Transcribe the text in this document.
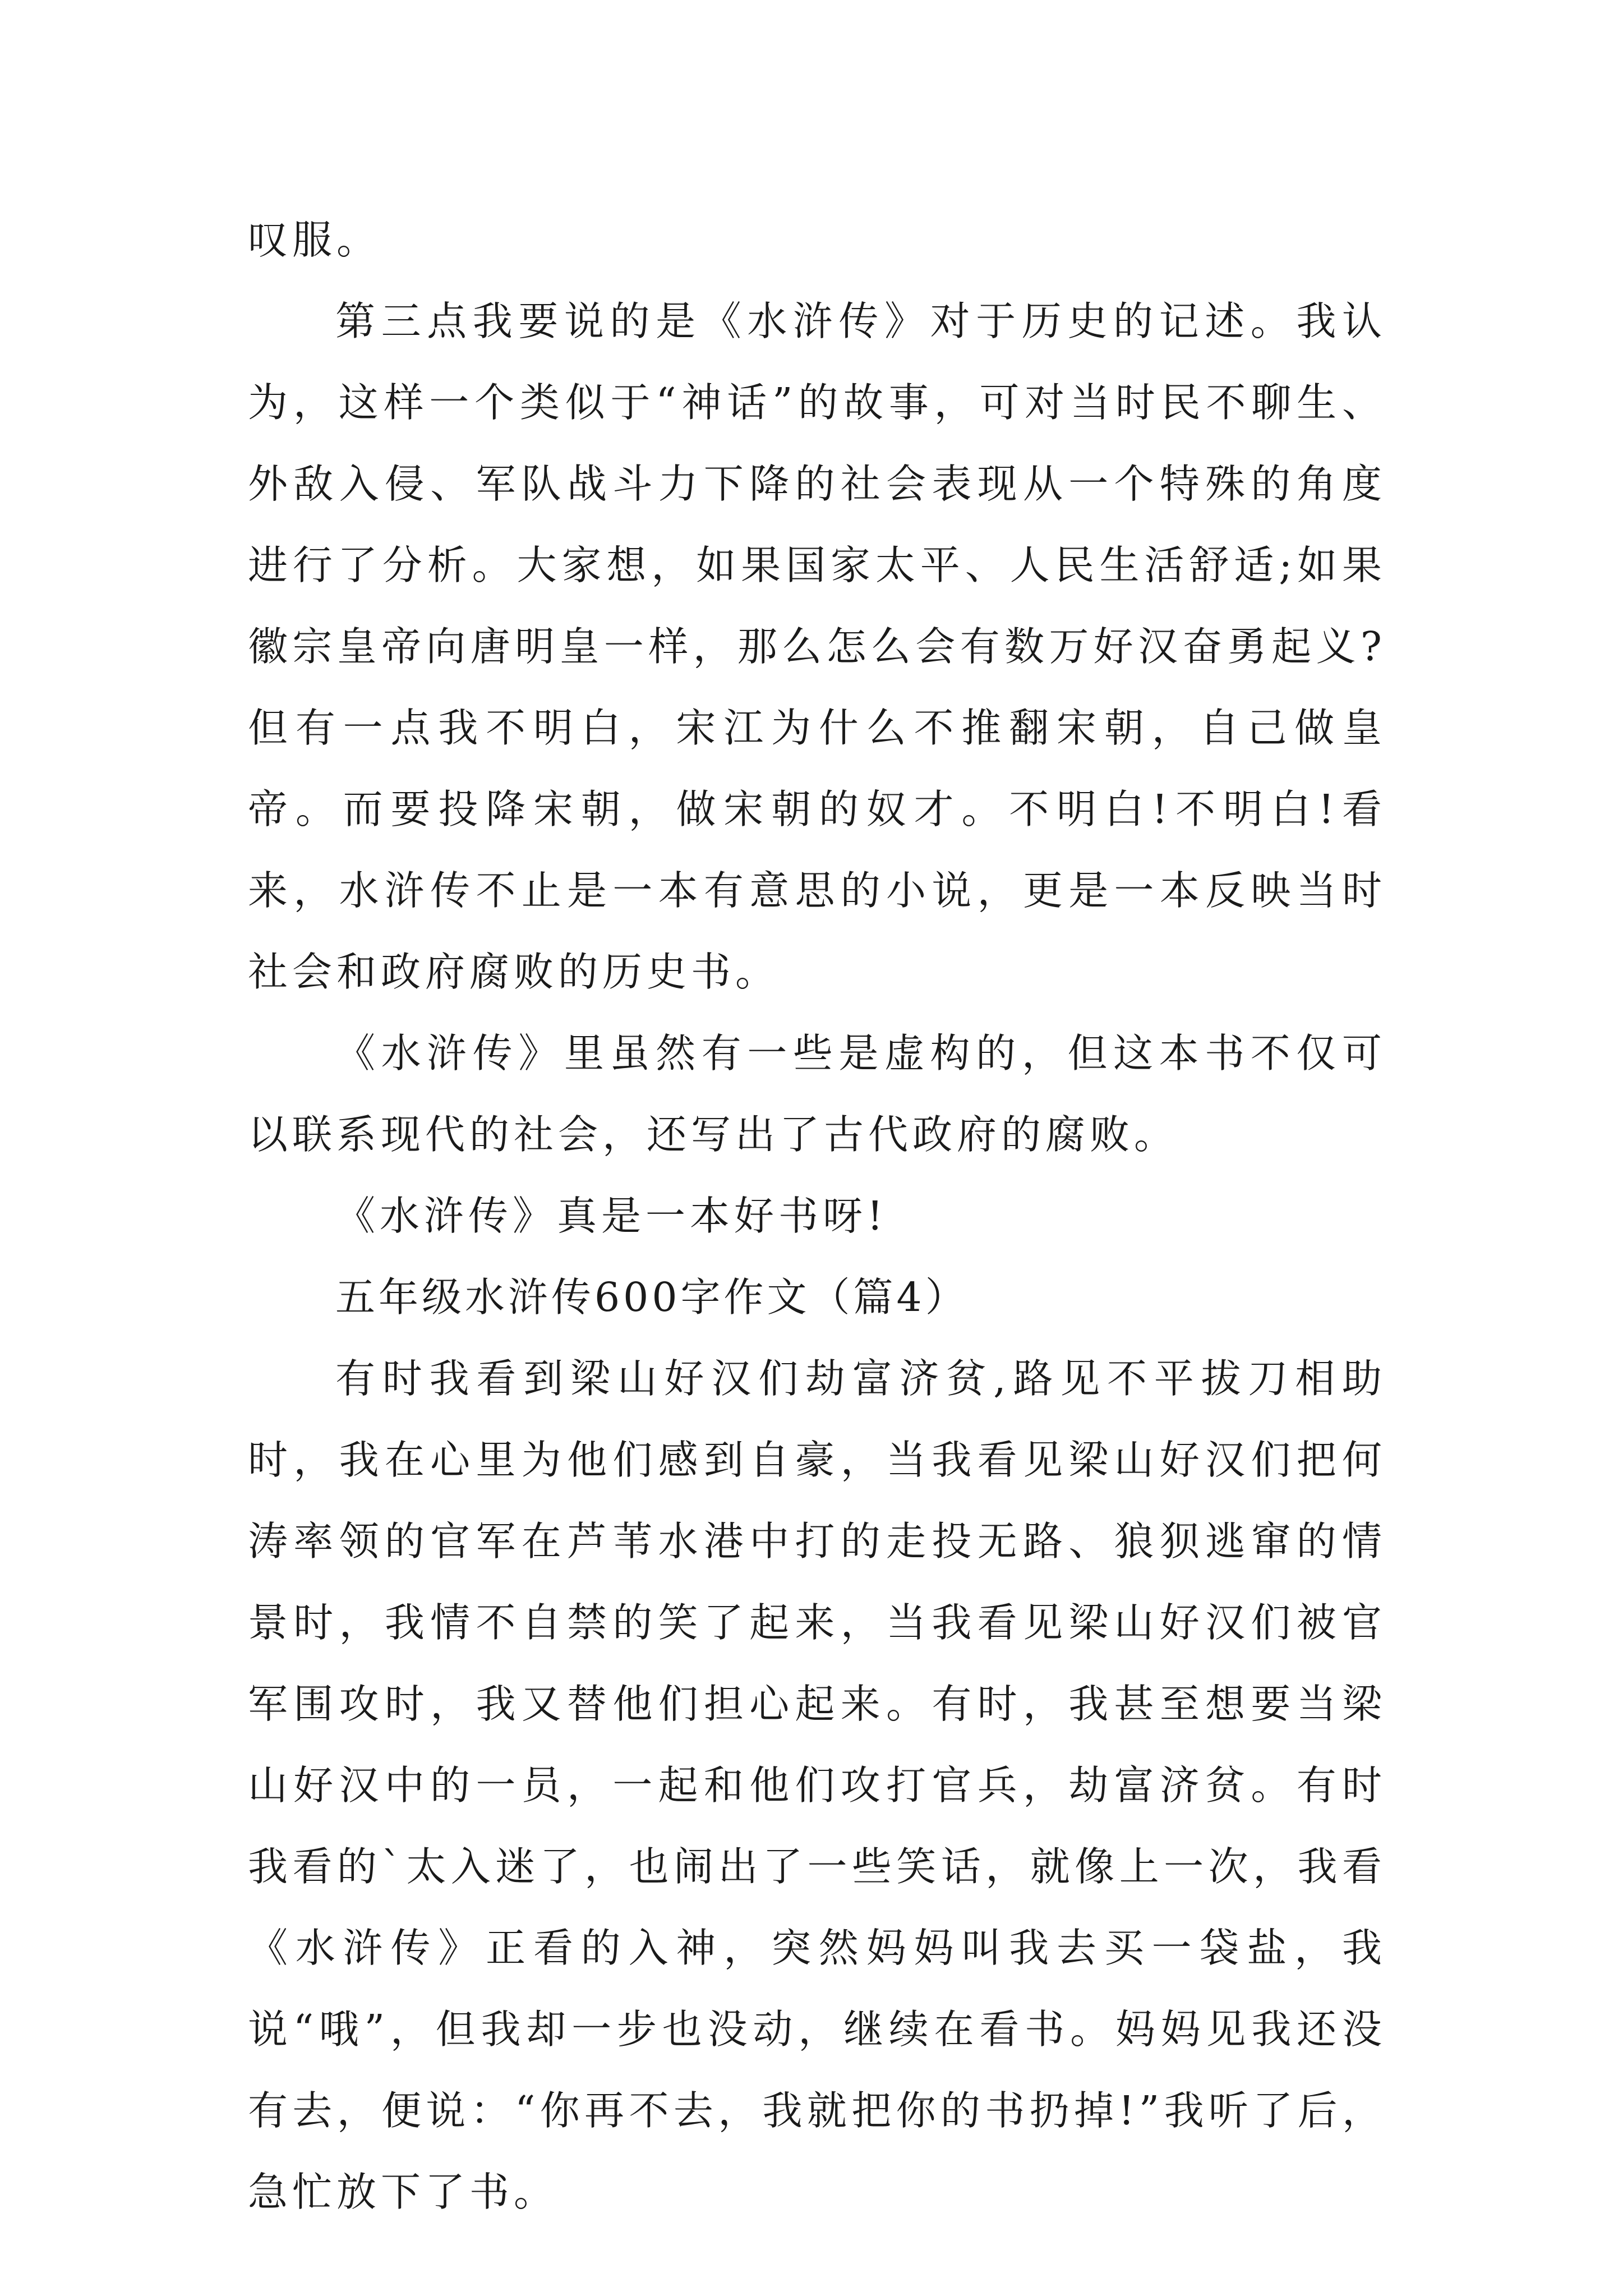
叹服。

第三点我要说的是《水浒传》对于历史的记述。我认为，这样一个类似于“神话”的故事，可对当时民不聊生、外敌入侵、军队战斗力下降的社会表现从一个特殊的角度进行了分析。大家想，如果国家太平、人民生活舒适;如果徽宗皇帝向唐明皇一样，那么怎么会有数万好汉奋勇起义?但有一点我不明白，宋江为什么不推翻宋朝，自己做皇帝。而要投降宋朝，做宋朝的奴才。不明白!不明白!看来，水浒传不止是一本有意思的小说，更是一本反映当时社会和政府腐败的历史书。

《水浒传》里虽然有一些是虚构的，但这本书不仅可以联系现代的社会，还写出了古代政府的腐败。

《水浒传》真是一本好书呀!

五年级水浒传600字作文（篇4）

有时我看到梁山好汉们劫富济贫,路见不平拔刀相助时，我在心里为他们感到自豪，当我看见梁山好汉们把何涛率领的官军在芦苇水港中打的走投无路、狼狈逃窜的情景时，我情不自禁的笑了起来，当我看见梁山好汉们被官军围攻时，我又替他们担心起来。有时，我甚至想要当梁山好汉中的一员，一起和他们攻打官兵，劫富济贫。有时我看的`太入迷了，也闹出了一些笑话，就像上一次，我看《水浒传》正看的入神，突然妈妈叫我去买一袋盐，我说“哦”，但我却一步也没动，继续在看书。妈妈见我还没有去，便说：“你再不去，我就把你的书扔掉!”我听了后，急忙放下了书。
